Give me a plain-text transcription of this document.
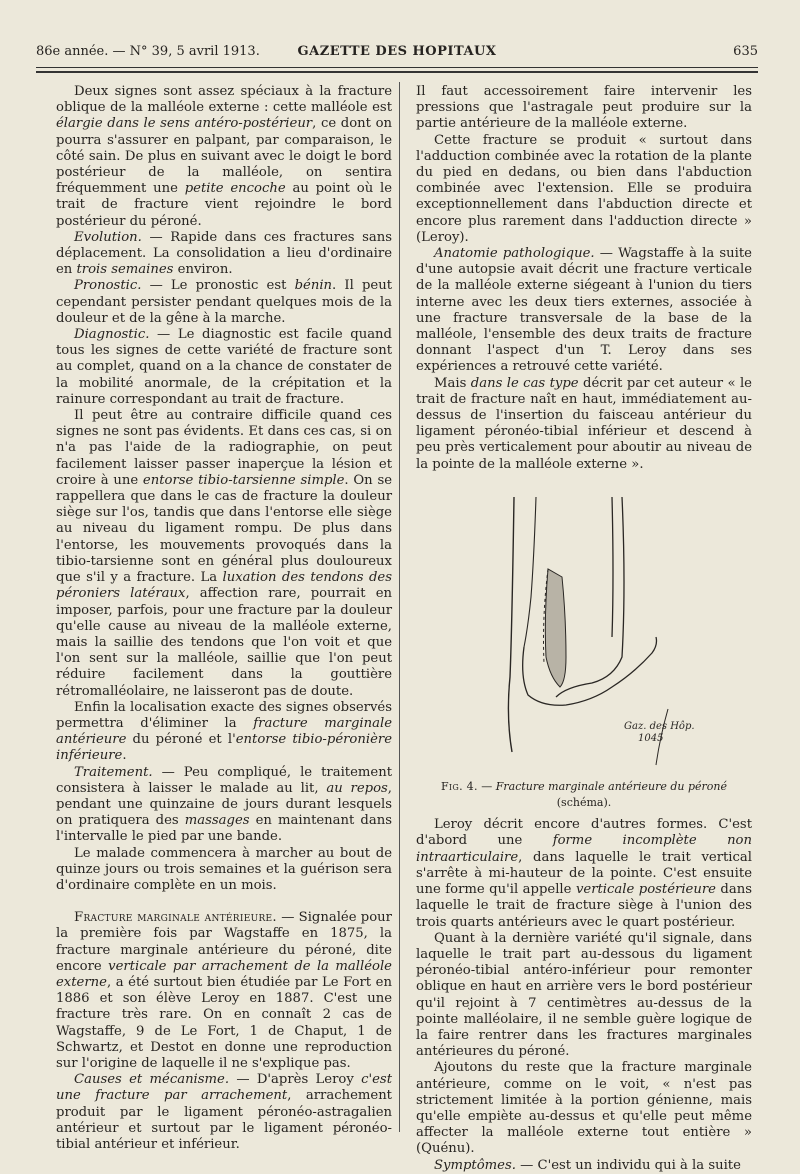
86e année. — N° 39, 5 avril 1913.	GAZETTE DES HOPITAUX	635

Deux signes sont assez spéciaux à la fracture oblique de la malléole externe : cette malléole est élargie dans le sens antéro-postérieur, ce dont on pourra s'assurer en palpant, par comparaison, le côté sain. De plus en suivant avec le doigt le bord postérieur de la malléole, on sentira fréquemment une petite encoche au point où le trait de fracture vient rejoindre le bord postérieur du péroné.

Evolution. — Rapide dans ces fractures sans déplacement. La consolidation a lieu d'ordinaire en trois semaines environ.

Pronostic. — Le pronostic est bénin. Il peut cependant persister pendant quelques mois de la douleur et de la gêne à la marche.

Diagnostic. — Le diagnostic est facile quand tous les signes de cette variété de fracture sont au complet, quand on a la chance de constater de la mobilité anormale, de la crépitation et la rainure correspondant au trait de fracture.

Il peut être au contraire difficile quand ces signes ne sont pas évidents. Et dans ces cas, si on n'a pas l'aide de la radiographie, on peut facilement laisser passer inaperçue la lésion et croire à une entorse tibio-tarsienne simple. On se rappellera que dans le cas de fracture la douleur siège sur l'os, tandis que dans l'entorse elle siège au niveau du ligament rompu. De plus dans l'entorse, les mouvements provoqués dans la tibio-tarsienne sont en général plus douloureux que s'il y a fracture. La luxation des tendons des péroniers latéraux, affection rare, pourrait en imposer, parfois, pour une fracture par la douleur qu'elle cause au niveau de la malléole externe, mais la saillie des tendons que l'on voit et que l'on sent sur la malléole, saillie que l'on peut réduire facilement dans la gouttière rétromalléolaire, ne laisseront pas de doute.

Enfin la localisation exacte des signes observés permettra d'éliminer la fracture marginale antérieure du péroné et l'entorse tibio-péronière inférieure.

Traitement. — Peu compliqué, le traitement consistera à laisser le malade au lit, au repos, pendant une quinzaine de jours durant lesquels on pratiquera des massages en maintenant dans l'intervalle le pied par une bande.

Le malade commencera à marcher au bout de quinze jours ou trois semaines et la guérison sera d'ordinaire complète en un mois.

Fracture marginale antérieure. — Signalée pour la première fois par Wagstaffe en 1875, la fracture marginale antérieure du péroné, dite encore verticale par arrachement de la malléole externe, a été surtout bien étudiée par Le Fort en 1886 et son élève Leroy en 1887. C'est une fracture très rare. On en connaît 2 cas de Wagstaffe, 9 de Le Fort, 1 de Chaput, 1 de Schwartz, et Destot en donne une reproduction sur l'origine de laquelle il ne s'explique pas.

Causes et mécanisme. — D'après Leroy c'est une fracture par arrachement, arrachement produit par le ligament péronéo-astragalien antérieur et surtout par le ligament péronéo-tibial antérieur et inférieur.

Il faut accessoirement faire intervenir les pressions que l'astragale peut produire sur la partie antérieure de la malléole externe.

Cette fracture se produit « surtout dans l'adduction combinée avec la rotation de la plante du pied en dedans, ou bien dans l'abduction combinée avec l'extension. Elle se produira exceptionnellement dans l'abduction directe et encore plus rarement dans l'adduction directe » (Leroy).

Anatomie pathologique. — Wagstaffe à la suite d'une autopsie avait décrit une fracture verticale de la malléole externe siégeant à l'union du tiers interne avec les deux tiers externes, associée à une fracture transversale de la base de la malléole, l'ensemble des deux traits de fracture donnant l'aspect d'un T. Leroy dans ses expériences a retrouvé cette variété.

Mais dans le cas type décrit par cet auteur « le trait de fracture naît en haut, immédiatement au-dessus de l'insertion du faisceau antérieur du ligament péronéo-tibial inférieur et descend à peu près verticalement pour aboutir au niveau de la pointe de la malléole externe ».

Gaz. des Hôp.
1045
Fig. 4. — Fracture marginale antérieure du péroné (schéma).

Leroy décrit encore d'autres formes. C'est d'abord une forme incomplète non intraarticulaire, dans laquelle le trait vertical s'arrête à mi-hauteur de la pointe. C'est ensuite une forme qu'il appelle verticale postérieure dans laquelle le trait de fracture siège à l'union des trois quarts antérieurs avec le quart postérieur.

Quant à la dernière variété qu'il signale, dans laquelle le trait part au-dessous du ligament péronéo-tibial antéro-inférieur pour remonter oblique en haut en arrière vers le bord postérieur qu'il rejoint à 7 centimètres au-dessus de la pointe malléolaire, il ne semble guère logique de la faire rentrer dans les fractures marginales antérieures du péroné.

Ajoutons du reste que la fracture marginale antérieure, comme on le voit, « n'est pas strictement limitée à la portion génienne, mais qu'elle empiète au-dessus et qu'elle peut même affecter la malléole externe tout entière » (Quénu).

Symptômes. — C'est un individu qui à la suite
